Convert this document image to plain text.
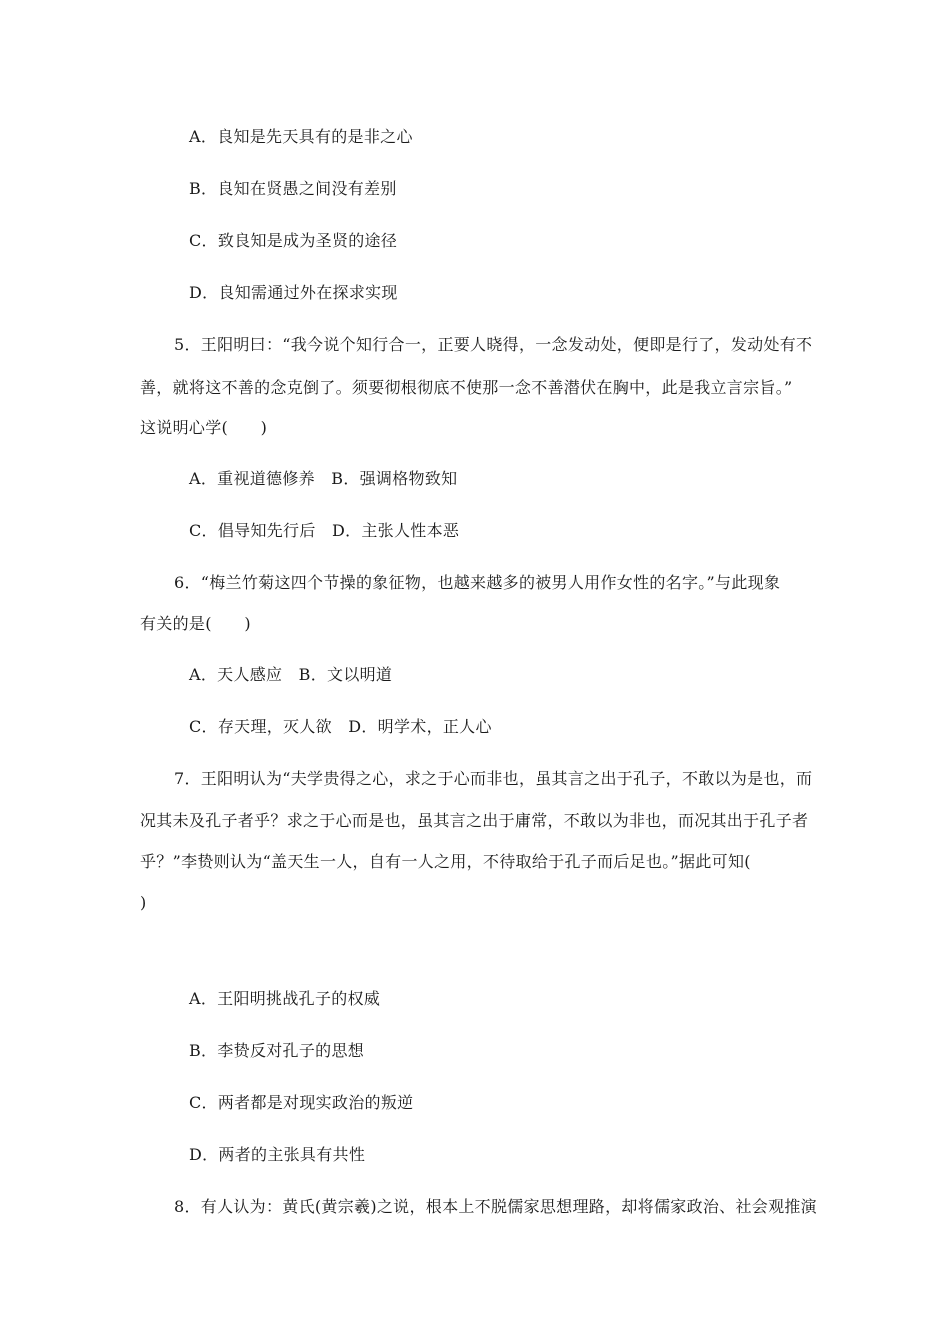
A．良知是先天具有的是非之心
B．良知在贤愚之间没有差别
C．致良知是成为圣贤的途径
D．良知需通过外在探求实现
5．王阳明曰：“我今说个知行合一，正要人晓得，一念发动处，便即是行了，发动处有不
善，就将这不善的念克倒了。须要彻根彻底不使那一念不善潜伏在胸中，此是我立言宗旨。”
这说明心学(　　)
A．重视道德修养　B．强调格物致知
C．倡导知先行后　D．主张人性本恶
6．“梅兰竹菊这四个节操的象征物，也越来越多的被男人用作女性的名字。”与此现象
有关的是(　　)
A．天人感应　B．文以明道
C．存天理，灭人欲　D．明学术，正人心
7．王阳明认为“夫学贵得之心，求之于心而非也，虽其言之出于孔子，不敢以为是也，而
况其未及孔子者乎？求之于心而是也，虽其言之出于庸常，不敢以为非也，而况其出于孔子者
乎？”李贽则认为“盖天生一人，自有一人之用，不待取给于孔子而后足也。”据此可知(
)
A．王阳明挑战孔子的权威
B．李贽反对孔子的思想
C．两者都是对现实政治的叛逆
D．两者的主张具有共性
8．有人认为：黄氏(黄宗羲)之说，根本上不脱儒家思想理路，却将儒家政治、社会观推演
